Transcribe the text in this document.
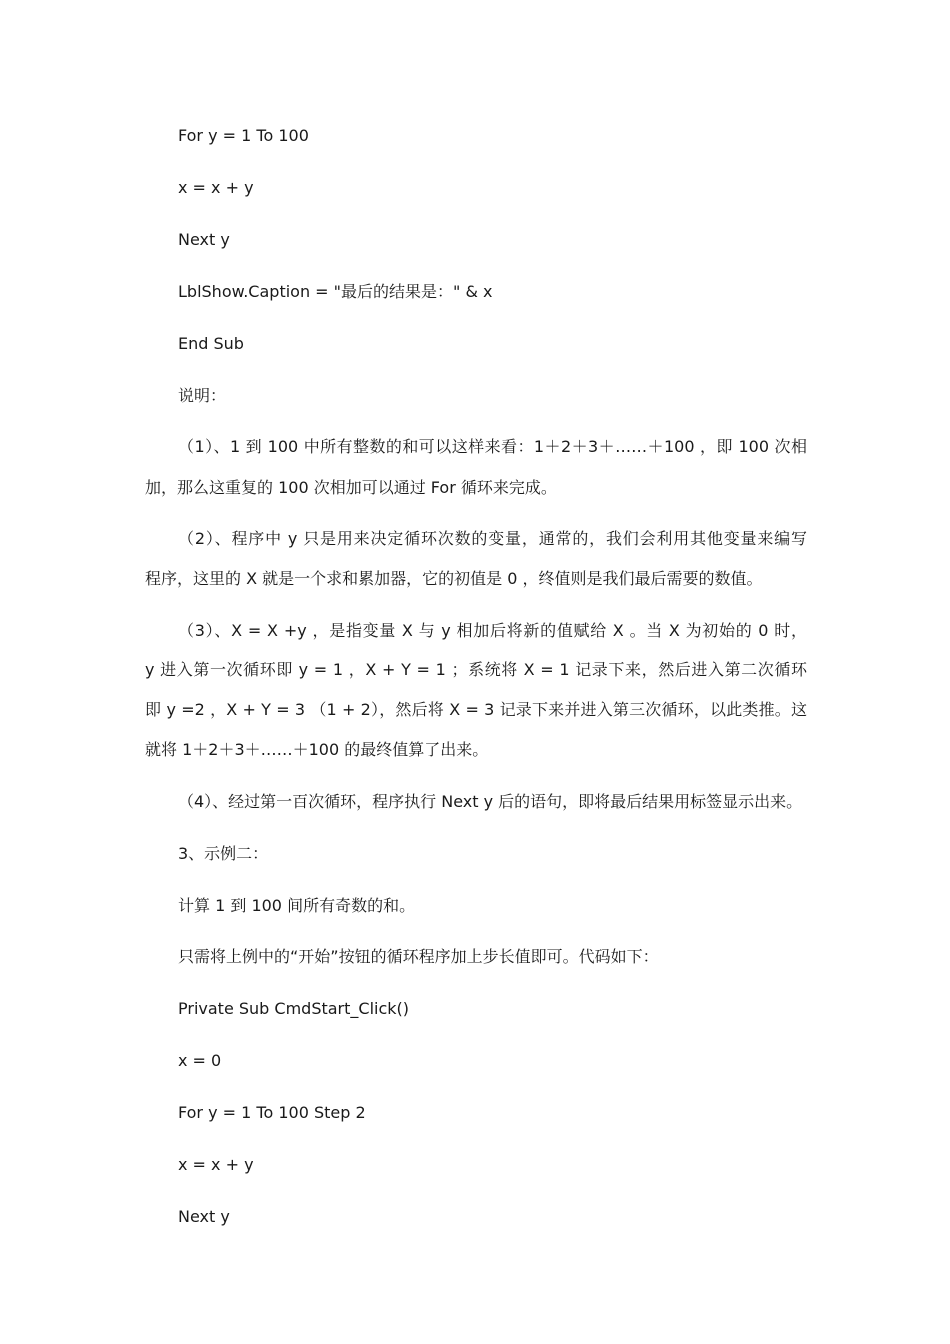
For y = 1 To 100
x = x + y
Next y
LblShow.Caption = "最后的结果是：" & x
End Sub
说明：
（1）、1 到 100 中所有整数的和可以这样来看：1＋2＋3＋……＋100 ，即 100 次相
加，那么这重复的 100 次相加可以通过 For 循环来完成。
（2）、程序中 y 只是用来决定循环次数的变量，通常的，我们会利用其他变量来编写
程序，这里的 X 就是一个求和累加器，它的初值是 0 ，终值则是我们最后需要的数值。
（3）、X = X +y ，是指变量 X 与 y 相加后将新的值赋给 X 。当 X 为初始的 0 时，
y 进入第一次循环即 y = 1 ，X + Y = 1 ；系统将 X = 1 记录下来，然后进入第二次循环
即 y =2 ，X + Y = 3 （1 + 2），然后将 X = 3 记录下来并进入第三次循环，以此类推。这
就将 1＋2＋3＋……＋100 的最终值算了出来。
（4）、经过第一百次循环，程序执行 Next y 后的语句，即将最后结果用标签显示出来。
3、示例二：
计算 1 到 100 间所有奇数的和。
只需将上例中的“开始”按钮的循环程序加上步长值即可。代码如下：
Private Sub CmdStart_Click()
x = 0
For y = 1 To 100 Step 2
x = x + y
Next y
